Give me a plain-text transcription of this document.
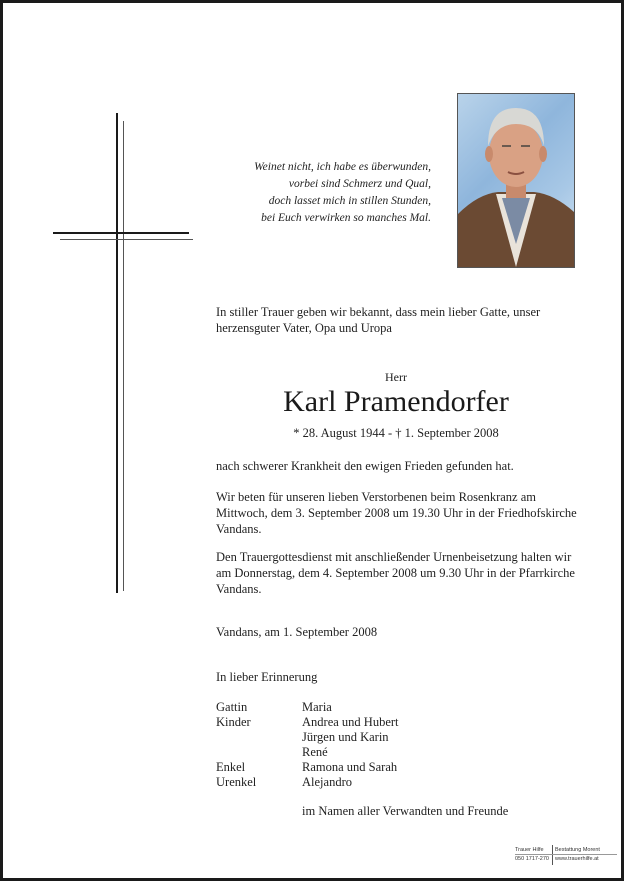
Weinet nicht, ich habe es überwunden,
vorbei sind Schmerz und Qual,
doch lasset mich in stillen Stunden,
bei Euch verwirken so manches Mal.
In stiller Trauer geben wir bekannt, dass mein lieber Gatte, unser herzensguter Vater, Opa und Uropa
Herr
Karl Pramendorfer
* 28. August 1944 - † 1. September 2008
nach schwerer Krankheit den ewigen Frieden gefunden hat.
Wir beten für unseren lieben Verstorbenen beim Rosenkranz am Mittwoch, dem 3. September 2008 um 19.30 Uhr in der Friedhofskirche Vandans.
Den Trauergottesdienst mit anschließender Urnenbeisetzung halten wir am Donnerstag, dem 4. September 2008 um 9.30 Uhr in der Pfarrkirche Vandans.
Vandans, am 1. September 2008
In lieber Erinnerung
Gattin	Maria
Kinder	Andrea und Hubert
Jürgen und Karin
René
Enkel	Ramona und Sarah
Urenkel	Alejandro
im Namen aller Verwandten und Freunde
Trauer Hilfe Bestattung Morent
050 1717-270 www.trauerhilfe.at
